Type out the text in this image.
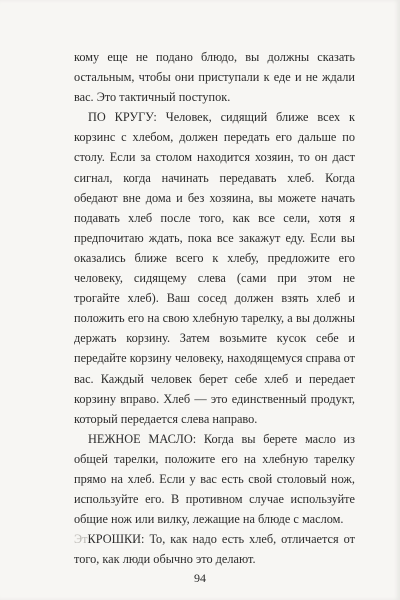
кому еще не подано блюдо, вы должны сказать остальным, чтобы они приступали к еде и не ждали вас. Это тактичный поступок.

ПО КРУГУ: Человек, сидящий ближе всех к корзинс с хлебом, должен передать его дальше по столу. Если за столом находится хозяин, то он даст сигнал, когда начинать передавать хлеб. Когда обедают вне дома и без хозяина, вы можете начать подавать хлеб после того, как все сели, хотя я предпочитаю ждать, пока все закажут еду. Если вы оказались ближе всего к хлебу, предложите его человеку, сидящему слева (сами при этом не трогайте хлеб). Ваш сосед должен взять хлеб и положить его на свою хлебную тарелку, а вы должны держать корзину. Затем возьмите кусок себе и передайте корзину человеку, находящемуся справа от вас. Каждый человек берет себе хлеб и передает корзину вправо. Хлеб — это единственный продукт, который передается слева направо.

НЕЖНОЕ МАСЛО: Когда вы берете масло из общей тарелки, положите его на хлебную тарелку прямо на хлеб. Если у вас есть свой столовый нож, используйте его. В противном случае используйте общие нож или вилку, лежащие на блюде с маслом.

ЭтКРОШКИ: То, как надо есть хлеб, отличается от того, как люди обычно это делают.

94
